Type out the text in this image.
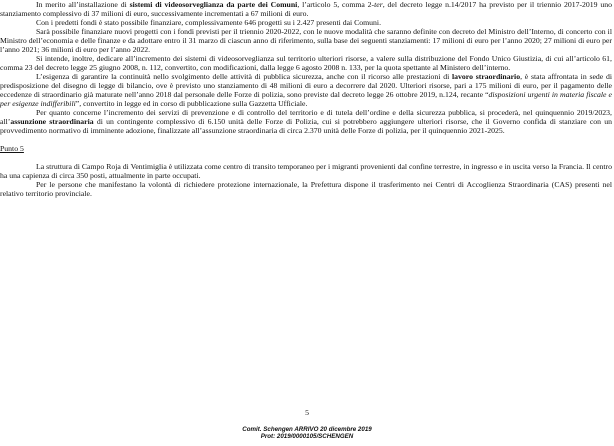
In merito all’installazione di sistemi di videosorveglianza da parte dei Comuni, l’articolo 5, comma 2-ter, del decreto legge n.14/2017 ha previsto per il triennio 2017-2019 uno stanziamento complessivo di 37 milioni di euro, successivamente incrementati a 67 milioni di euro.

Con i predetti fondi è stato possibile finanziare, complessivamente 646 progetti su i 2.427 presenti dai Comuni.

Sarà possibile finanziare nuovi progetti con i fondi previsti per il triennio 2020-2022, con le nuove modalità che saranno definite con decreto del Ministro dell’Interno, di concerto con il Ministro dell’economia e delle finanze e da adottare entro il 31 marzo di ciascun anno di riferimento, sulla base dei seguenti stanziamenti: 17 milioni di euro per l’anno 2020; 27 milioni di euro per l’anno 2021; 36 milioni di euro per l’anno 2022.

Si intende, inoltre, dedicare all’incremento dei sistemi di videosorveglianza sul territorio ulteriori risorse, a valere sulla distribuzione del Fondo Unico Giustizia, di cui all’articolo 61, comma 23 del decreto legge 25 giugno 2008, n. 112, convertito, con modificazioni, dalla legge 6 agosto 2008 n. 133, per la quota spettante al Ministero dell’interno.

L’esigenza di garantire la continuità nello svolgimento delle attività di pubblica sicurezza, anche con il ricorso alle prestazioni di lavoro straordinario, è stata affrontata in sede di predisposizione del disegno di legge di bilancio, ove è previsto uno stanziamento di 48 milioni di euro a decorrere dal 2020. Ulteriori risorse, pari a 175 milioni di euro, per il pagamento delle eccedenze di straordinario già maturate nell’anno 2018 dal personale delle Forze di polizia, sono previste dal decreto legge 26 ottobre 2019, n.124, recante “disposizioni urgenti in materia fiscale e per esigenze indifferibili”, convertito in legge ed in corso di pubblicazione sulla Gazzetta Ufficiale.

Per quanto concerne l’incremento dei servizi di prevenzione e di controllo del territorio e di tutela dell’ordine e della sicurezza pubblica, si procederà, nel quinquennio 2019/2023, all’assunzione straordinaria di un contingente complessivo di 6.150 unità delle Forze di Polizia, cui si potrebbero aggiungere ulteriori risorse, che il Governo confida di stanziare con un provvedimento normativo di imminente adozione, finalizzate all’assunzione straordinaria di circa 2.370 unità delle Forze di polizia, per il quinquennio 2021-2025.

Punto 5

La struttura di Campo Roja di Ventimiglia è utilizzata come centro di transito temporaneo per i migranti provenienti dal confine terrestre, in ingresso e in uscita verso la Francia. Il centro ha una capienza di circa 350 posti, attualmente in parte occupati.

Per le persone che manifestano la volontà di richiedere protezione internazionale, la Prefettura dispone il trasferimento nei Centri di Accoglienza Straordinaria (CAS) presenti nel relativo territorio provinciale.

5
Comit. Schengen ARRIVO 20 dicembre 2019
Prot: 2019/0000105/SCHENGEN
